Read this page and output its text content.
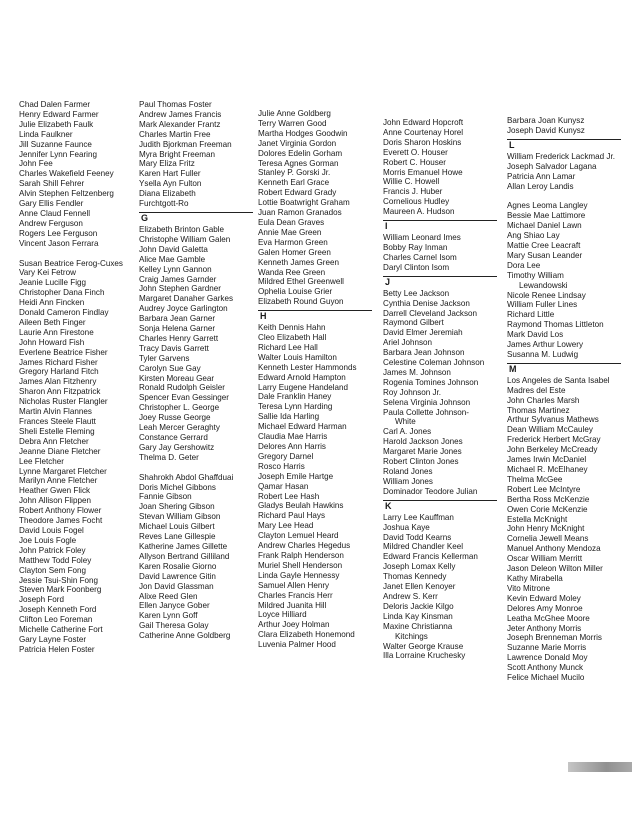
Chad Dalen Farmer
Henry Edward Farmer
Julie Elizabeth Faulk
Linda Faulkner
Jill Suzanne Faunce
Jennifer Lynn Fearing
John Fee
Charles Wakefield Feeney
Sarah Shill Fehrer
Alvin Stephen Feltzenberg
Gary Ellis Fendler
Anne Claud Fennell
Andrew Ferguson
Rogers Lee Ferguson
Vincent Jason Ferrara
Susan Beatrice Ferog-Cuxes
Vary Kei Fetrow
Jeanie Lucille Figg
Christopher Dana Finch
Heidi Ann Fincken
Donald Cameron Findlay
Aileen Beth Finger
Laurie Ann Firestone
John Howard Fish
Everlene Beatrice Fisher
James Richard Fisher
Gregory Harland Fitch
James Alan Fitzhenry
Sharon Ann Fitzpatrick
Nicholas Ruster Flangler
Martin Alvin Flannes
Frances Steele Flautt
Sheli Estelle Fleming
Debra Ann Fletcher
Jeanne Diane Fletcher
Lee Fletcher
Lynne Margaret Fletcher
Marilyn Anne Fletcher
Heather Gwen Flick
John Allison Flippen
Robert Anthony Flower
Theodore James Focht
David Louis Fogel
Joe Louis Fogle
John Patrick Foley
Matthew Todd Foley
Clayton Sem Fong
Jessie Tsui-Shin Fong
Steven Mark Foonberg
Joseph Ford
Joseph Kenneth Ford
Clifton Leo Foreman
Michelle Catherine Fort
Gary Layne Foster
Patricia Helen Foster
Paul Thomas Foster
Andrew James Francis
Mark Alexander Frantz
Charles Martin Free
Judith Bjorkman Freeman
Myra Bright Freeman
Mary Eliza Fritz
Karen Hart Fuller
Ysella Ayn Fulton
Diana Elizabeth
Furchtgott-Ro
G
Elizabeth Brinton Gable
Christophe William Galen
John David Galetta
Alice Mae Gamble
Kelley Lynn Gannon
Craig James Garnder
John Stephen Gardner
Margaret Danaher Garkes
Audrey Joyce Garlington
Barbara Jean Garner
Sonja Helena Garner
Charles Henry Garrett
Tracy Davis Garrett
Tyler Garvens
Carolyn Sue Gay
Kirsten Moreau Gear
Ronald Rudolph Geisler
Spencer Evan Gessinger
Christopher L. George
Joey Russe George
Leah Mercer Geraghty
Constance Gerrard
Gary Jay Gershowitz
Thelma D. Geter
Shahrokh Abdol Ghaffduai
Doris Michel Gibbons
Fannie Gibson
Joan Shering Gibson
Stevan William Gibson
Michael Louis Gilbert
Reves Lane Gillespie
Katherine James Gillette
Allyson Bertrand Gilliland
Karen Rosalie Giorno
David Lawrence Gitin
Jon David Glassman
Alixe Reed Glen
Ellen Janyce Gober
Karen Lynn Goff
Gail Theresa Golay
Catherine Anne Goldberg
Julie Anne Goldberg
Terry Warren Good
Martha Hodges Goodwin
Janet Virginia Gordon
Dolores Edelin Gorham
Teresa Agnes Gorman
Stanley P. Gorski Jr.
Kenneth Earl Grace
Robert Edward Grady
Lottie Boatwright Graham
Juan Ramon Granados
Eula Dean Graves
Annie Mae Green
Eva Harmon Green
Galen Homer Green
Kenneth James Green
Wanda Ree Green
Mildred Ethel Greenwell
Ophelia Louise Grier
Elizabeth Round Guyon
H
Keith Dennis Hahn
Cleo Elizabeth Hall
Richard Lee Hall
Walter Louis Hamilton
Kenneth Lester Hammonds
Edward Arnold Hampton
Larry Eugene Handeland
Dale Franklin Haney
Teresa Lynn Harding
Sallie Ida Harling
Michael Edward Harman
Claudia Mae Harris
Delores Ann Harris
Gregory Darnel
Rosco Harris
Joseph Emile Hartge
Qamar Hasan
Robert Lee Hash
Gladys Beulah Hawkins
Richard Paul Hays
Mary Lee Head
Clayton Lemuel Heard
Andrew Charles Hegedus
Frank Ralph Henderson
Muriel Shell Henderson
Linda Gayle Hennessy
Samuel Allen Henry
Charles Francis Herr
Mildred Juanita Hill
Loyce Hilliard
Arthur Joey Holman
Clara Elizabeth Honemond
Luvenia Palmer Hood
John Edward Hopcroft
Anne Courtenay Horel
Doris Sharon Hoskins
Everett O. Houser
Robert C. Houser
Morris Emanuel Howe
Willie C. Howell
Francis J. Huber
Cornelious Hudley
Maureen A. Hudson
I
William Leonard Imes
Bobby Ray Inman
Charles Carnel Isom
Daryl Clinton Isom
J
Betty Lee Jackson
Cynthia Denise Jackson
Darrell Cleveland Jackson
Raymond Gilbert
David Elmer Jeremiah
Ariel Johnson
Barbara Jean Johnson
Celestine Coleman Johnson
James M. Johnson
Rogenia Tomines Johnson
Roy Johnson Jr.
Selena Virginia Johnson
Paula Collette Johnson-
White
Carl A. Jones
Harold Jackson Jones
Margaret Marie Jones
Robert Clinton Jones
Roland Jones
William Jones
Dominador Teodore Julian
K
Larry Lee Kauffman
Joshua Kaye
David Todd Kearns
Mildred Chandler Keel
Edward Francis Kellerman
Joseph Lomax Kelly
Thomas Kennedy
Janet Ellen Kenoyer
Andrew S. Kerr
Deloris Jackie Kilgo
Linda Kay Kinsman
Maxine Christianna
Kitchings
Walter George Krause
Illa Lorraine Kruchesky
Barbara Joan Kunysz
Joseph David Kunysz
L
William Frederick Lackmad Jr.
Joseph Salvador Lagana
Patricia Ann Lamar
Allan Leroy Landis
Agnes Leoma Langley
Bessie Mae Lattimore
Michael Daniel Lawn
Ang Shiao Lay
Mattie Cree Leacraft
Mary Susan Leander
Dora Lee
Timothy William
Lewandowski
Nicole Renee Lindsay
William Fuller Lines
Richard Little
Raymond Thomas Littleton
Mark David Los
James Arthur Lowery
Susanna M. Ludwig
M
Los Angeles de Santa Isabel
Madres del Este
John Charles Marsh
Thomas Martinez
Arthur Sylvanus Mathews
Dean William McCauley
Frederick Herbert McGray
John Berkeley McCready
James Irwin McDaniel
Michael R. McElhaney
Thelma McGee
Robert Lee McIntyre
Bertha Ross McKenzie
Owen Corie McKenzie
Estella McKnight
John Henry McKnight
Cornelia Jewell Means
Manuel Anthony Mendoza
Oscar William Merritt
Jason Deleon Wilton Miller
Kathy Mirabella
Vito Mitrone
Kevin Edward Moley
Delores Amy Monroe
Leatha McGhee Moore
Jeter Anthony Morris
Joseph Brenneman Morris
Suzanne Marie Morris
Lawrence Donald Moy
Scott Anthony Munck
Felice Michael Mucilo
